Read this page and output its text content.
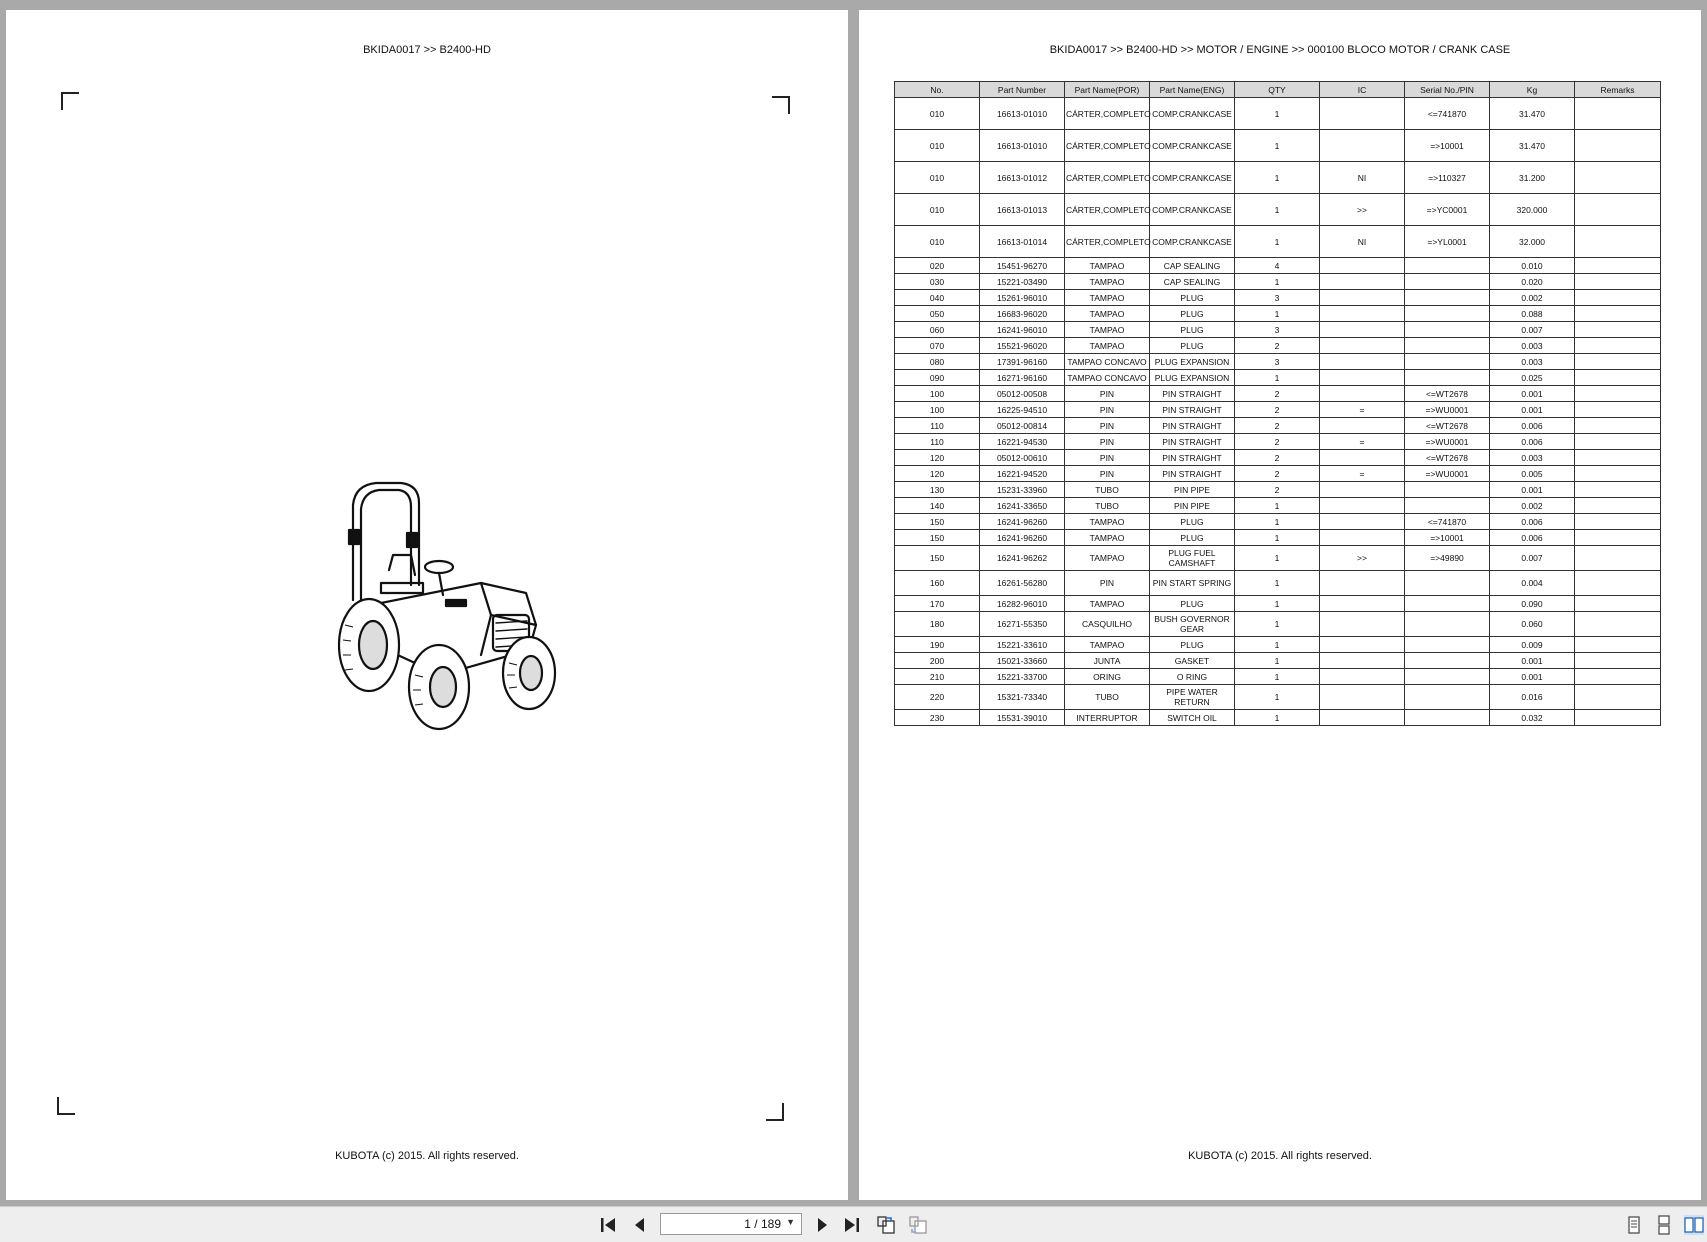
BKIDA0017 >> B2400-HD
KUBOTA (c) 2015. All rights reserved.
BKIDA0017 >> B2400-HD >> MOTOR / ENGINE >> 000100 BLOCO MOTOR / CRANK CASE
No.	Part Number	Part Name(POR)	Part Name(ENG)	QTY	IC	Serial No./PIN	Kg	Remarks
010	16613-01010	CÁRTER,COMPLETO	COMP.CRANKCASE	1		<=741870	31.470	
010	16613-01010	CÁRTER,COMPLETO	COMP.CRANKCASE	1		=>10001	31.470	
010	16613-01012	CÁRTER,COMPLETO	COMP.CRANKCASE	1	NI	=>110327	31.200	
010	16613-01013	CÁRTER,COMPLETO	COMP.CRANKCASE	1	>>	=>YC0001	320.000	
010	16613-01014	CÁRTER,COMPLETO	COMP.CRANKCASE	1	NI	=>YL0001	32.000	
020	15451-96270	TAMPAO	CAP SEALING	4			0.010	
030	15221-03490	TAMPAO	CAP SEALING	1			0.020	
040	15261-96010	TAMPAO	PLUG	3			0.002	
050	16683-96020	TAMPAO	PLUG	1			0.088	
060	16241-96010	TAMPAO	PLUG	3			0.007	
070	15521-96020	TAMPAO	PLUG	2			0.003	
080	17391-96160	TAMPAO CONCAVO	PLUG EXPANSION	3			0.003	
090	16271-96160	TAMPAO CONCAVO	PLUG EXPANSION	1			0.025	
100	05012-00508	PIN	PIN STRAIGHT	2		<=WT2678	0.001	
100	16225-94510	PIN	PIN STRAIGHT	2	=	=>WU0001	0.001	
110	05012-00814	PIN	PIN STRAIGHT	2		<=WT2678	0.006	
110	16221-94530	PIN	PIN STRAIGHT	2	=	=>WU0001	0.006	
120	05012-00610	PIN	PIN STRAIGHT	2		<=WT2678	0.003	
120	16221-94520	PIN	PIN STRAIGHT	2	=	=>WU0001	0.005	
130	15231-33960	TUBO	PIN PIPE	2			0.001	
140	16241-33650	TUBO	PIN PIPE	1			0.002	
150	16241-96260	TAMPAO	PLUG	1		<=741870	0.006	
150	16241-96260	TAMPAO	PLUG	1		=>10001	0.006	
150	16241-96262	TAMPAO	PLUG FUEL CAMSHAFT	1	>>	=>49890	0.007	
160	16261-56280	PIN	PIN START SPRING	1			0.004	
170	16282-96010	TAMPAO	PLUG	1			0.090	
180	16271-55350	CASQUILHO	BUSH GOVERNOR GEAR	1			0.060	
190	15221-33610	TAMPAO	PLUG	1			0.009	
200	15021-33660	JUNTA	GASKET	1			0.001	
210	15221-33700	ORING	O RING	1			0.001	
220	15321-73340	TUBO	PIPE WATER RETURN	1			0.016	
230	15531-39010	INTERRUPTOR	SWITCH OIL	1			0.032	
KUBOTA (c) 2015. All rights reserved.
1 / 189 ▼
